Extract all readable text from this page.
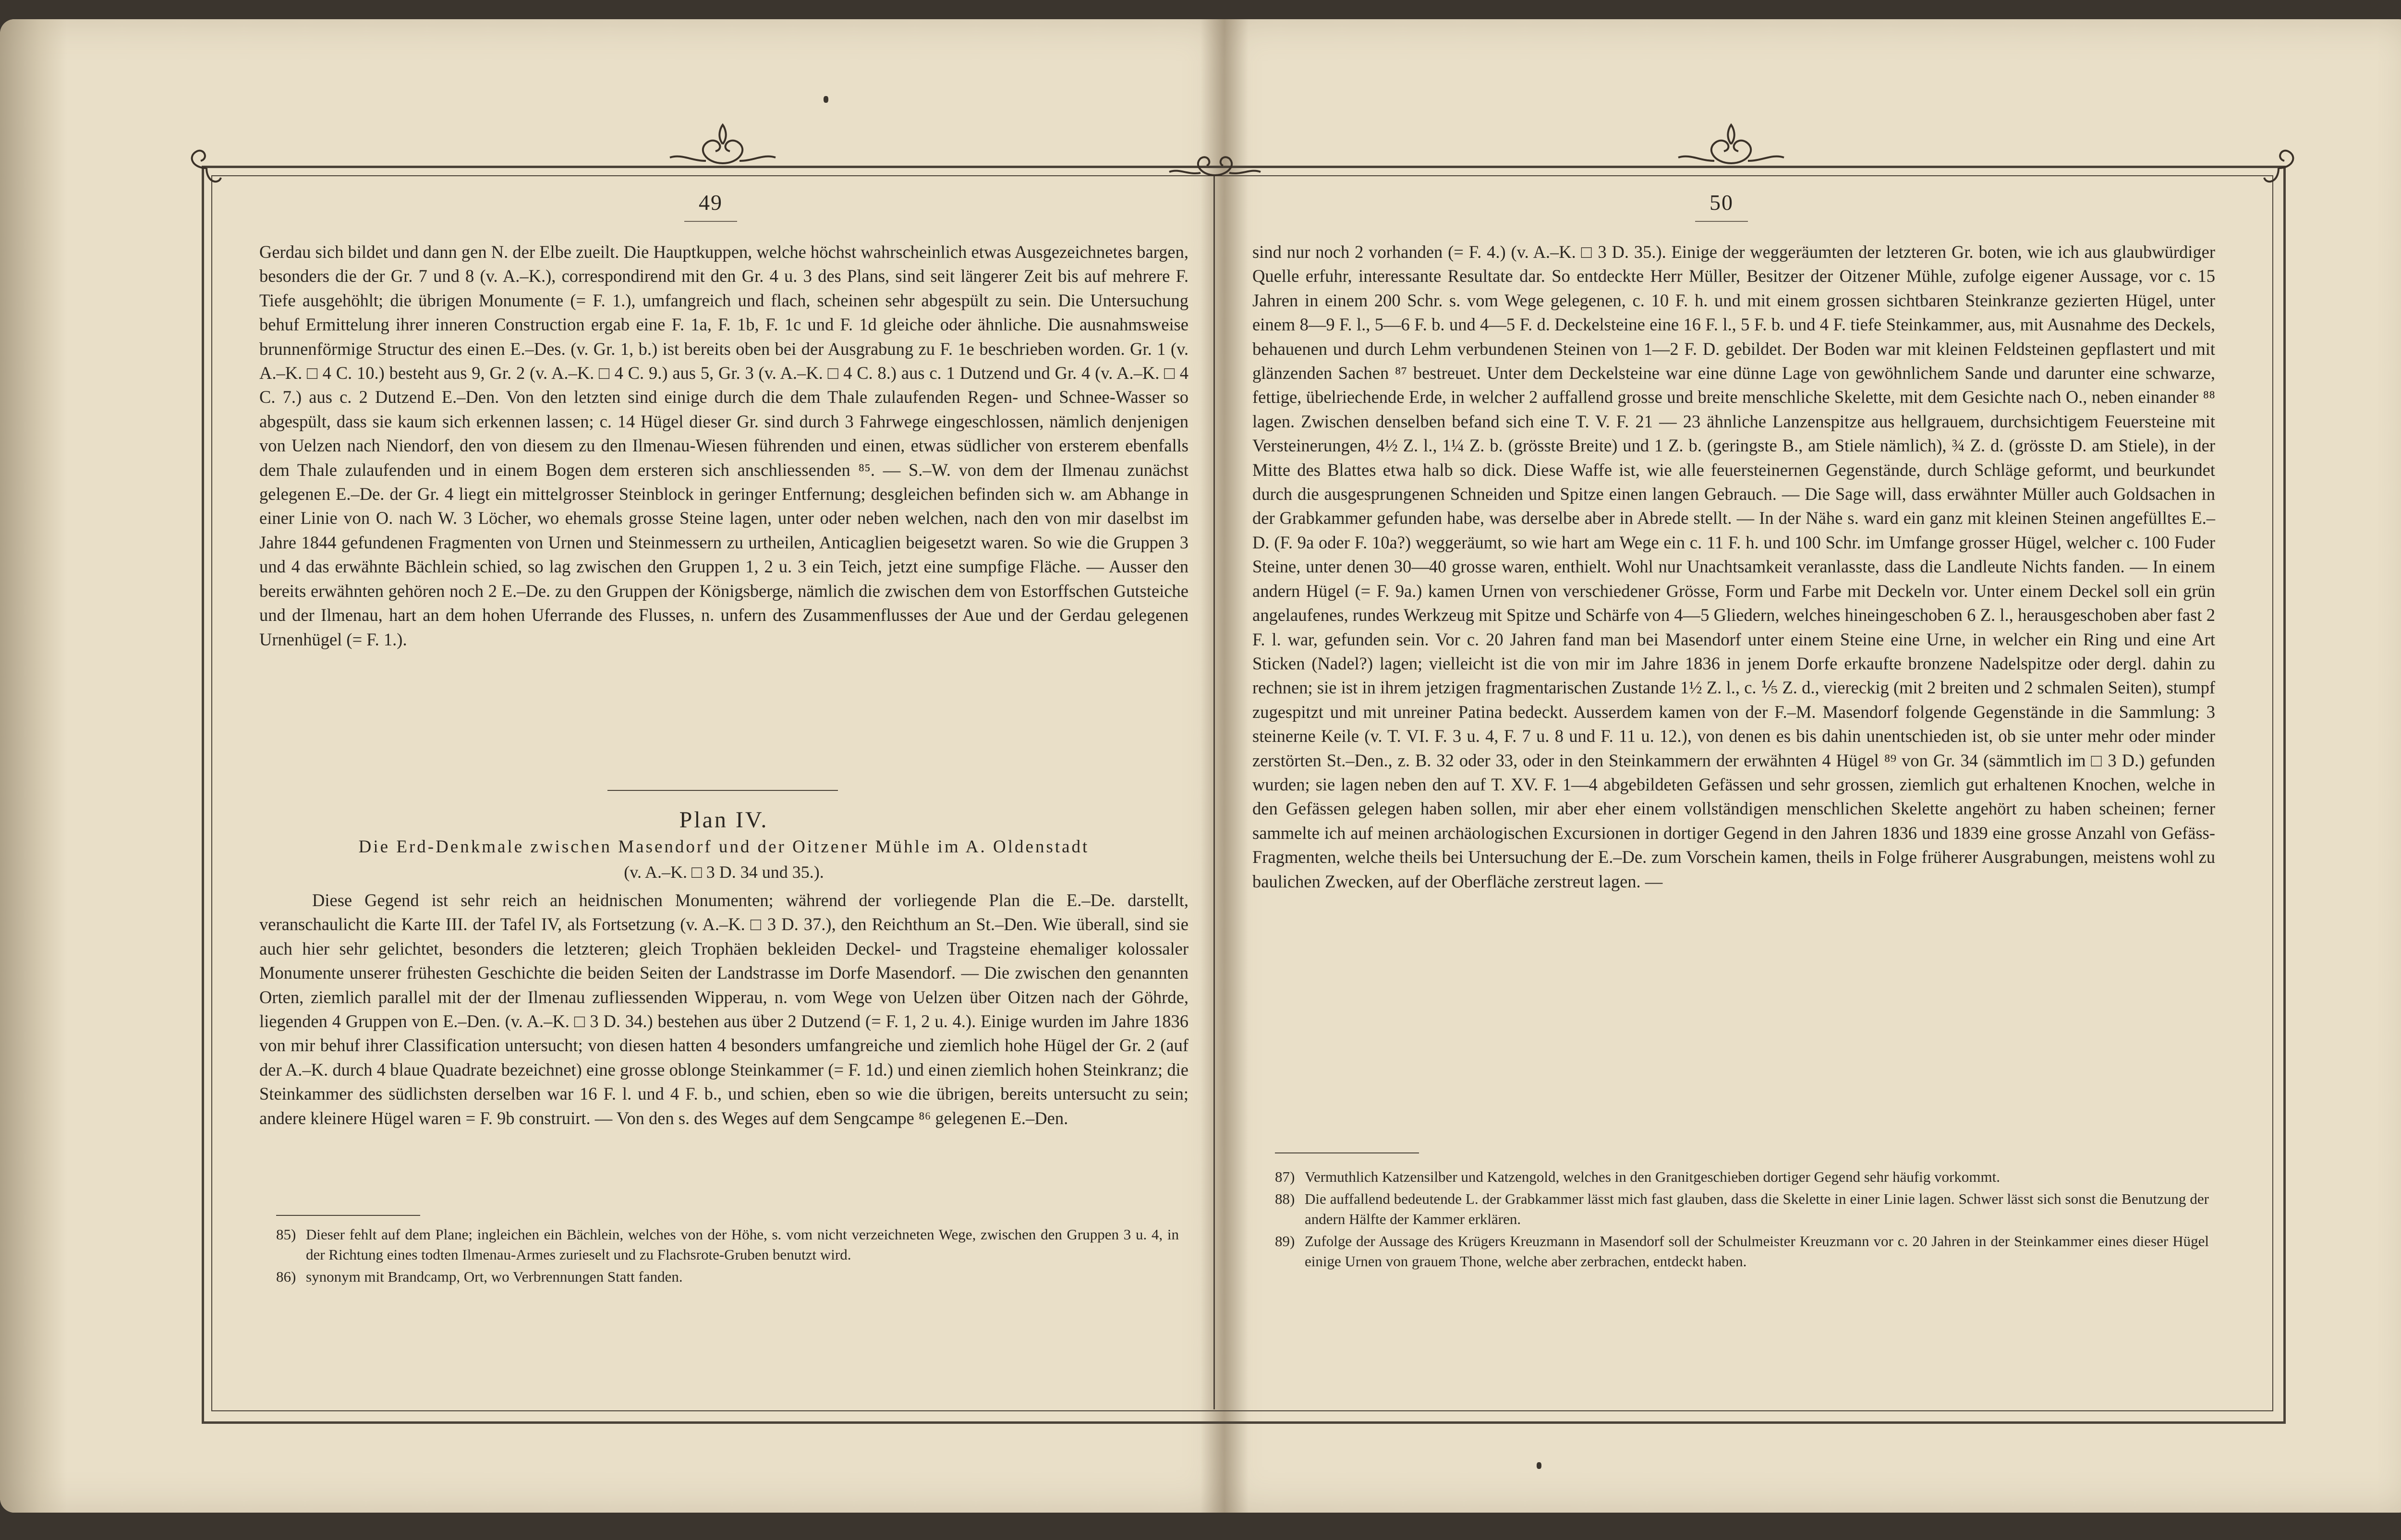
49	50

Gerdau sich bildet und dann gen N. der Elbe zueilt. Die Hauptkuppen, welche höchst wahrscheinlich etwas Ausgezeichnetes bargen, besonders die der Gr. 7 und 8 (v. A.–K.), correspondirend mit den Gr. 4 u. 3 des Plans, sind seit längerer Zeit bis auf mehrere F. Tiefe ausgehöhlt; die übrigen Monumente (= F. 1.), umfangreich und flach, scheinen sehr abgespült zu sein. Die Untersuchung behuf Ermittelung ihrer inneren Construction ergab eine F. 1a, F. 1b, F. 1c und F. 1d gleiche oder ähnliche. Die ausnahmsweise brunnenförmige Structur des einen E.–Des. (v. Gr. 1, b.) ist bereits oben bei der Ausgrabung zu F. 1e beschrieben worden. Gr. 1 (v. A.–K. □ 4 C. 10.) besteht aus 9, Gr. 2 (v. A.–K. □ 4 C. 9.) aus 5, Gr. 3 (v. A.–K. □ 4 C. 8.) aus c. 1 Dutzend und Gr. 4 (v. A.–K. □ 4 C. 7.) aus c. 2 Dutzend E.–Den. Von den letzten sind einige durch die dem Thale zulaufenden Regen- und Schnee-Wasser so abgespült, dass sie kaum sich erkennen lassen; c. 14 Hügel dieser Gr. sind durch 3 Fahrwege eingeschlossen, nämlich denjenigen von Uelzen nach Niendorf, den von diesem zu den Ilmenau-Wiesen führenden und einen, etwas südlicher von ersterem ebenfalls dem Thale zulaufenden und in einem Bogen dem ersteren sich anschliessenden ⁸⁵. — S.–W. von dem der Ilmenau zunächst gelegenen E.–De. der Gr. 4 liegt ein mittelgrosser Steinblock in geringer Entfernung; desgleichen befinden sich w. am Abhange in einer Linie von O. nach W. 3 Löcher, wo ehemals grosse Steine lagen, unter oder neben welchen, nach den von mir daselbst im Jahre 1844 gefundenen Fragmenten von Urnen und Steinmessern zu urtheilen, Anticaglien beigesetzt waren. So wie die Gruppen 3 und 4 das erwähnte Bächlein schied, so lag zwischen den Gruppen 1, 2 u. 3 ein Teich, jetzt eine sumpfige Fläche. — Ausser den bereits erwähnten gehören noch 2 E.–De. zu den Gruppen der Königsberge, nämlich die zwischen dem von Estorffschen Gutsteiche und der Ilmenau, hart an dem hohen Uferrande des Flusses, n. unfern des Zusammenflusses der Aue und der Gerdau gelegenen Urnenhügel (= F. 1.).

Plan IV.
Die Erd-Denkmale zwischen Masendorf und der Oitzener Mühle im A. Oldenstadt
(v. A.–K. □ 3 D. 34 und 35.).

Diese Gegend ist sehr reich an heidnischen Monumenten; während der vorliegende Plan die E.–De. darstellt, veranschaulicht die Karte III. der Tafel IV, als Fortsetzung (v. A.–K. □ 3 D. 37.), den Reichthum an St.–Den. Wie überall, sind sie auch hier sehr gelichtet, besonders die letzteren; gleich Trophäen bekleiden Deckel- und Tragsteine ehemaliger kolossaler Monumente unserer frühesten Geschichte die beiden Seiten der Landstrasse im Dorfe Masendorf. — Die zwischen den genannten Orten, ziemlich parallel mit der der Ilmenau zufliessenden Wipperau, n. vom Wege von Uelzen über Oitzen nach der Göhrde, liegenden 4 Gruppen von E.–Den. (v. A.–K. □ 3 D. 34.) bestehen aus über 2 Dutzend (= F. 1, 2 u. 4.). Einige wurden im Jahre 1836 von mir behuf ihrer Classification untersucht; von diesen hatten 4 besonders umfangreiche und ziemlich hohe Hügel der Gr. 2 (auf der A.–K. durch 4 blaue Quadrate bezeichnet) eine grosse oblonge Steinkammer (= F. 1d.) und einen ziemlich hohen Steinkranz; die Steinkammer des südlichsten derselben war 16 F. l. und 4 F. b., und schien, eben so wie die übrigen, bereits untersucht zu sein; andere kleinere Hügel waren = F. 9b construirt. — Von den s. des Weges auf dem Sengcampe ⁸⁶ gelegenen E.–Den.

85) Dieser fehlt auf dem Plane; ingleichen ein Bächlein, welches von der Höhe, s. vom nicht verzeichneten Wege, zwischen den Gruppen 3 u. 4, in der Richtung eines todten Ilmenau-Armes zurieselt und zu Flachsrote-Gruben benutzt wird.
86) synonym mit Brandcamp, Ort, wo Verbrennungen Statt fanden.

sind nur noch 2 vorhanden (= F. 4.) (v. A.–K. □ 3 D. 35.). Einige der weggeräumten der letzteren Gr. boten, wie ich aus glaubwürdiger Quelle erfuhr, interessante Resultate dar. So entdeckte Herr Müller, Besitzer der Oitzener Mühle, zufolge eigener Aussage, vor c. 15 Jahren in einem 200 Schr. s. vom Wege gelegenen, c. 10 F. h. und mit einem grossen sichtbaren Steinkranze gezierten Hügel, unter einem 8—9 F. l., 5—6 F. b. und 4—5 F. d. Deckelsteine eine 16 F. l., 5 F. b. und 4 F. tiefe Steinkammer, aus, mit Ausnahme des Deckels, behauenen und durch Lehm verbundenen Steinen von 1—2 F. D. gebildet. Der Boden war mit kleinen Feldsteinen gepflastert und mit glänzenden Sachen ⁸⁷ bestreuet. Unter dem Deckelsteine war eine dünne Lage von gewöhnlichem Sande und darunter eine schwarze, fettige, übelriechende Erde, in welcher 2 auffallend grosse und breite menschliche Skelette, mit dem Gesichte nach O., neben einander ⁸⁸ lagen. Zwischen denselben befand sich eine T. V. F. 21 — 23 ähnliche Lanzenspitze aus hellgrauem, durchsichtigem Feuersteine mit Versteinerungen, 4½ Z. l., 1¼ Z. b. (grösste Breite) und 1 Z. b. (geringste B., am Stiele nämlich), ¾ Z. d. (grösste D. am Stiele), in der Mitte des Blattes etwa halb so dick. Diese Waffe ist, wie alle feuersteinernen Gegenstände, durch Schläge geformt, und beurkundet durch die ausgesprungenen Schneiden und Spitze einen langen Gebrauch. — Die Sage will, dass erwähnter Müller auch Goldsachen in der Grabkammer gefunden habe, was derselbe aber in Abrede stellt. — In der Nähe s. ward ein ganz mit kleinen Steinen angefülltes E.–D. (F. 9a oder F. 10a?) weggeräumt, so wie hart am Wege ein c. 11 F. h. und 100 Schr. im Umfange grosser Hügel, welcher c. 100 Fuder Steine, unter denen 30—40 grosse waren, enthielt. Wohl nur Unachtsamkeit veranlasste, dass die Landleute Nichts fanden. — In einem andern Hügel (= F. 9a.) kamen Urnen von verschiedener Grösse, Form und Farbe mit Deckeln vor. Unter einem Deckel soll ein grün angelaufenes, rundes Werkzeug mit Spitze und Schärfe von 4—5 Gliedern, welches hineingeschoben 6 Z. l., herausgeschoben aber fast 2 F. l. war, gefunden sein. Vor c. 20 Jahren fand man bei Masendorf unter einem Steine eine Urne, in welcher ein Ring und eine Art Sticken (Nadel?) lagen; vielleicht ist die von mir im Jahre 1836 in jenem Dorfe erkaufte bronzene Nadelspitze oder dergl. dahin zu rechnen; sie ist in ihrem jetzigen fragmentarischen Zustande 1½ Z. l., c. ⅕ Z. d., viereckig (mit 2 breiten und 2 schmalen Seiten), stumpf zugespitzt und mit unreiner Patina bedeckt. Ausserdem kamen von der F.–M. Masendorf folgende Gegenstände in die Sammlung: 3 steinerne Keile (v. T. VI. F. 3 u. 4, F. 7 u. 8 und F. 11 u. 12.), von denen es bis dahin unentschieden ist, ob sie unter mehr oder minder zerstörten St.–Den., z. B. 32 oder 33, oder in den Steinkammern der erwähnten 4 Hügel ⁸⁹ von Gr. 34 (sämmtlich im □ 3 D.) gefunden wurden; sie lagen neben den auf T. XV. F. 1—4 abgebildeten Gefässen und sehr grossen, ziemlich gut erhaltenen Knochen, welche in den Gefässen gelegen haben sollen, mir aber eher einem vollständigen menschlichen Skelette angehört zu haben scheinen; ferner sammelte ich auf meinen archäologischen Excursionen in dortiger Gegend in den Jahren 1836 und 1839 eine grosse Anzahl von Gefäss-Fragmenten, welche theils bei Untersuchung der E.–De. zum Vorschein kamen, theils in Folge früherer Ausgrabungen, meistens wohl zu baulichen Zwecken, auf der Oberfläche zerstreut lagen. —

87) Vermuthlich Katzensilber und Katzengold, welches in den Granitgeschieben dortiger Gegend sehr häufig vorkommt.
88) Die auffallend bedeutende L. der Grabkammer lässt mich fast glauben, dass die Skelette in einer Linie lagen. Schwer lässt sich sonst die Benutzung der andern Hälfte der Kammer erklären.
89) Zufolge der Aussage des Krügers Kreuzmann in Masendorf soll der Schulmeister Kreuzmann vor c. 20 Jahren in der Steinkammer eines dieser Hügel einige Urnen von grauem Thone, welche aber zerbrachen, entdeckt haben.
